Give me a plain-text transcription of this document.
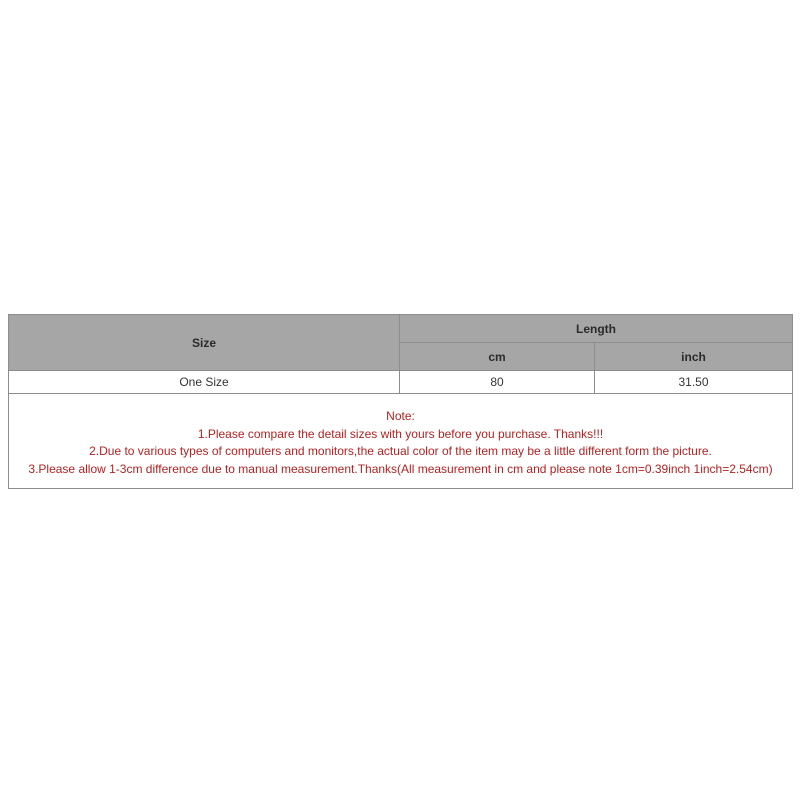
Size	Length	
	cm	inch
One Size	80	31.50

Note:
1.Please compare the detail sizes with yours before you purchase. Thanks!!!
2.Due to various types of computers and monitors,the actual color of the item may be a little different form the picture.
3.Please allow 1-3cm difference due to manual measurement.Thanks(All measurement in cm and please note 1cm=0.39inch 1inch=2.54cm)		
